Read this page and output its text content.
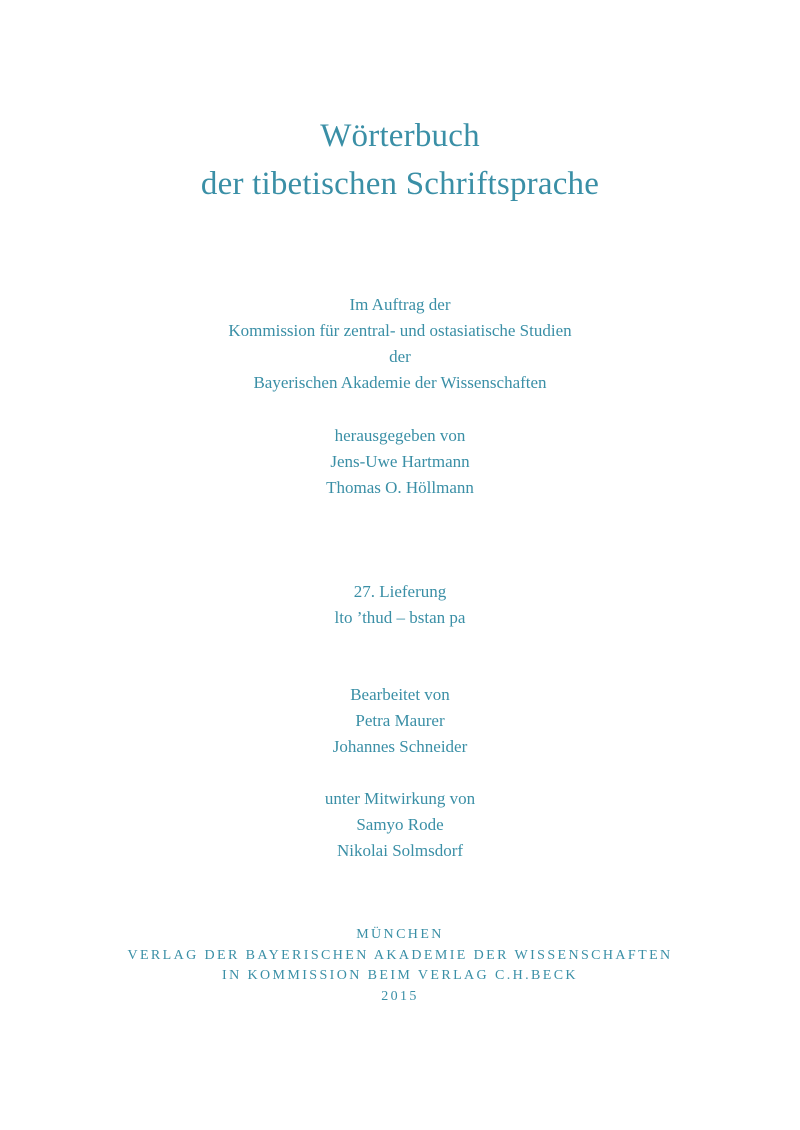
Wörterbuch
der tibetischen Schriftsprache

Im Auftrag der

Kommission für zentral- und ostasiatische Studien

der

Bayerischen Akademie der Wissenschaften

herausgegeben von

Jens-Uwe Hartmann

Thomas O. Höllmann

27. Lieferung

lto ’thud – bstan pa

Bearbeitet von

Petra Maurer

Johannes Schneider

unter Mitwirkung von

Samyo Rode

Nikolai Solmsdorf

MÜNCHEN

VERLAG DER BAYERISCHEN AKADEMIE DER WISSENSCHAFTEN

IN KOMMISSION BEIM VERLAG C.H.BECK

2015
